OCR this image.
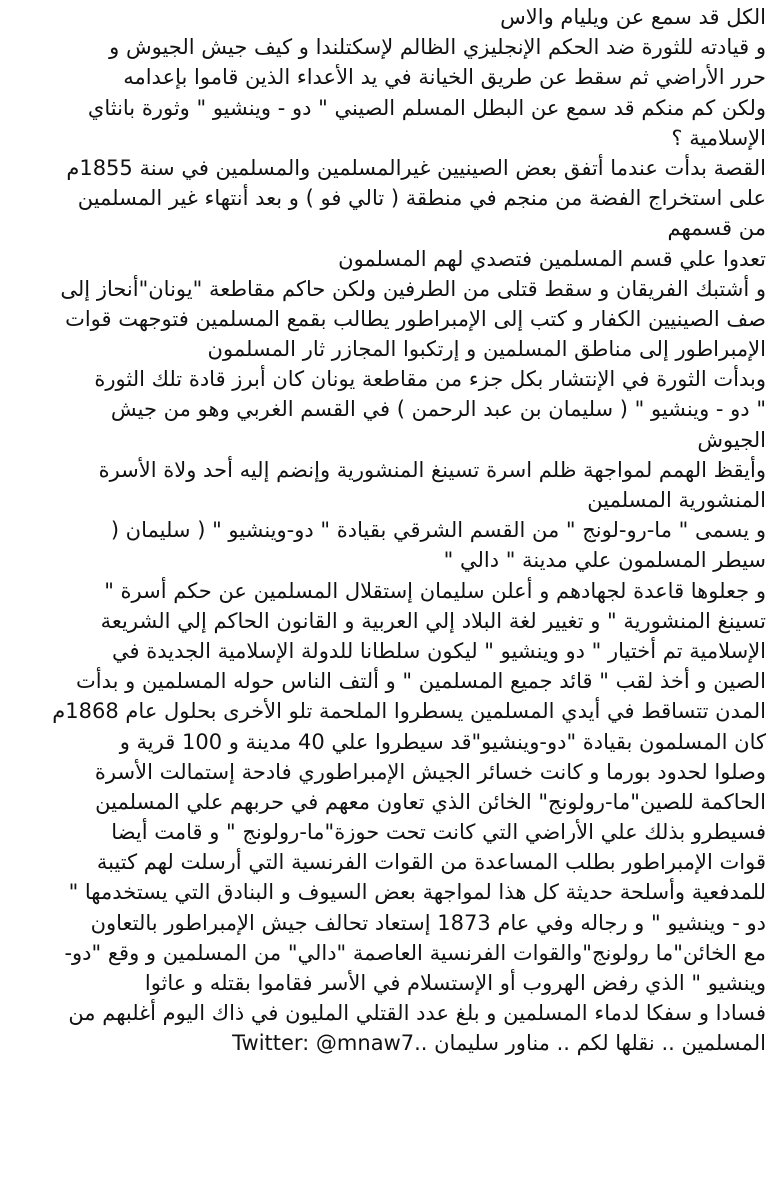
الكل قد سمع عن ويليام والاس
و قيادته للثورة ضد الحكم الإنجليزي الظالم لإسكتلندا و كيف جيش الجيوش و
حرر الأراضي ثم سقط عن طريق الخيانة في يد الأعداء الذين قاموا بإعدامه
ولكن كم منكم قد سمع عن البطل المسلم الصيني " دو - وينشيو " وثورة بانثاي
الإسلامية ؟
القصة بدأت عندما أتفق بعض الصينيين غيرالمسلمين والمسلمين في سنة 1855م
على استخراج الفضة من منجم في منطقة ( تالي فو ) و بعد أنتهاء غير المسلمين
من قسمهم
تعدوا علي قسم المسلمين فتصدي لهم المسلمون
و أشتبك الفريقان و سقط قتلى من الطرفين ولكن حاكم مقاطعة "يونان"أنحاز إلى
صف الصينيين الكفار و كتب إلى الإمبراطور يطالب بقمع المسلمين فتوجهت قوات
الإمبراطور إلى مناطق المسلمين و إرتكبوا المجازر ثار المسلمون
وبدأت الثورة في الإنتشار بكل جزء من مقاطعة يونان كان أبرز قادة تلك الثورة
" دو - وينشيو " ( سليمان بن عبد الرحمن ) في القسم الغربي وهو من جيش
الجيوش
وأيقظ الهمم لمواجهة ظلم اسرة تسينغ المنشورية وإنضم إليه أحد ولاة الأسرة
المنشورية المسلمين
و يسمى " ما-رو-لونج " من القسم الشرقي بقيادة " دو-وينشيو " ( سليمان (
سيطر المسلمون علي مدينة " دالي "
و جعلوها قاعدة لجهادهم و أعلن سليمان إستقلال المسلمين عن حكم أسرة "
تسينغ المنشورية " و تغيير لغة البلاد إلي العربية و القانون الحاكم إلي الشريعة
الإسلامية تم أختيار " دو وينشيو " ليكون سلطانا للدولة الإسلامية الجديدة في
الصين و أخذ لقب " قائد جميع المسلمين " و ألتف الناس حوله المسلمين و بدأت
المدن تتساقط في أيدي المسلمين يسطروا الملحمة تلو الأخرى بحلول عام 1868م
كان المسلمون بقيادة "دو-وينشيو"قد سيطروا علي 40 مدينة و 100 قرية و
وصلوا لحدود بورما و كانت خسائر الجيش الإمبراطوري فادحة إستمالت الأسرة
الحاكمة للصين"ما-رولونج" الخائن الذي تعاون معهم في حربهم علي المسلمين
فسيطرو بذلك علي الأراضي التي كانت تحت حوزة"ما-رولونج " و قامت أيضا
قوات الإمبراطور بطلب المساعدة من القوات الفرنسية التي أرسلت لهم كتيبة
للمدفعية وأسلحة حديثة كل هذا لمواجهة بعض السيوف و البنادق التي يستخدمها "
دو - وينشيو " و رجاله وفي عام 1873 إستعاد تحالف جيش الإمبراطور بالتعاون
مع الخائن"ما رولونج"والقوات الفرنسية العاصمة "دالي" من المسلمين و وقع "دو-
وينشيو " الذي رفض الهروب أو الإستسلام في الأسر فقاموا بقتله و عاثوا
فسادا و سفكا لدماء المسلمين و بلغ عدد القتلي المليون في ذاك اليوم أغلبهم من
المسلمين .. نقلها لكم .. مناور سليمان ..Twitter: @mnaw7
